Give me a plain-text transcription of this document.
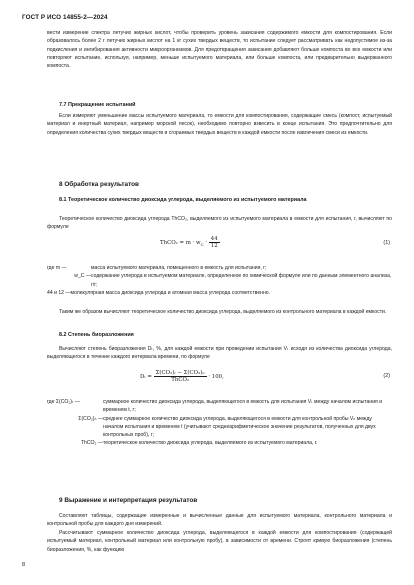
ГОСТ Р ИСО 14855-2—2024

вести измерение спектра летучих жирных кислот, чтобы проверить уровень закисания содержимого емкости для компостирования. Если образовалось более 2 г летучих жирных кислот на 1 кг сухих твердых веществ, то испытание следует рассматривать как недопустимое из-за подкисления и ингибирования активности микроорганизмов. Для предотвращения закисания добавляют больше компоста во все емкости или повторяют испытание, используя, например, меньше испытуемого материала, или больше компоста, или предварительно выдержанного компоста.

7.7 Прекращение испытаний

Если измеряют уменьшение массы испытуемого материала, то емкости для компостирования, содержащие смесь (компост, испытуемый материал и инертный материал, например морской песок), необходимо повторно взвесить в конце испытания. Это предпочтительно для определения количества сухих твердых веществ и сгораемых твердых веществ в каждой емкости после извлечения смеси из емкости.

8 Обработка результатов
8.1 Теоретическое количество диоксида углерода, выделяемого из испытуемого материала

Теоретическое количество диоксида углерода ThCO₂, выделяемого из испытуемого материала в емкости для испытания, г, вычисляют по формуле

ThCO₂ = $m \cdot w_C \cdot \frac{44}{12}$	(1)
где m —	масса испытуемого материала, помещенного в емкость для испытания, г;
w_C — содержание углерода в испытуемом материале, определенное по химической формуле или по данным элементного анализа, г/г;
44 и 12 — молекулярная масса диоксида углерода и атомная масса углерода соответственно.

Таким же образом вычисляют теоретическое количество диоксида углерода, выделяемого из контрольного материала в каждой емкости.

8.2 Степень биоразложения

Вычисляют степень биоразложения Dₜ, %, для каждой емкости при проведении испытания Vₜ исходя из количества диоксида углерода, выделяющегося в течение каждого интервала времени, по формуле

$D_t = \frac{\text{Σ(CO₂)ₜ − Σ(CO₂)ₙ}}{\text{ThCO₂}} \cdot 100$,	(2)
где Σ(CO₂)ₜ —	суммарное количество диоксида углерода, выделяющегося в емкость для испытания Vₜ между началом испытания и временем t, г;
Σ(CO₂)ₙ — среднее суммарное количество диоксида углерода, выделяющегося в емкости для контрольной пробы Vₙ между началом испытания и временем t (учитывают среднеарифметическое значение результатов, полученных для двух контрольных проб), г;
ThCO₂ — теоретическое количество диоксида углерода, выделяемого из испытуемого материала, г.
9 Выражение и интерпретация результатов

Составляют таблицы, содержащие измеренные и вычисленные данные для испытуемого материала, контрольного материала и контрольной пробы для каждого дня измерений.

Рассчитывают суммарное количество диоксида углерода, выделяющегося в каждой емкости для компостирования (содержащей испытуемый материал, контрольный материал или контрольную пробу), в зависимости от времени. Строят кривую биоразложения (степень биоразложения, %, как функцию

8
